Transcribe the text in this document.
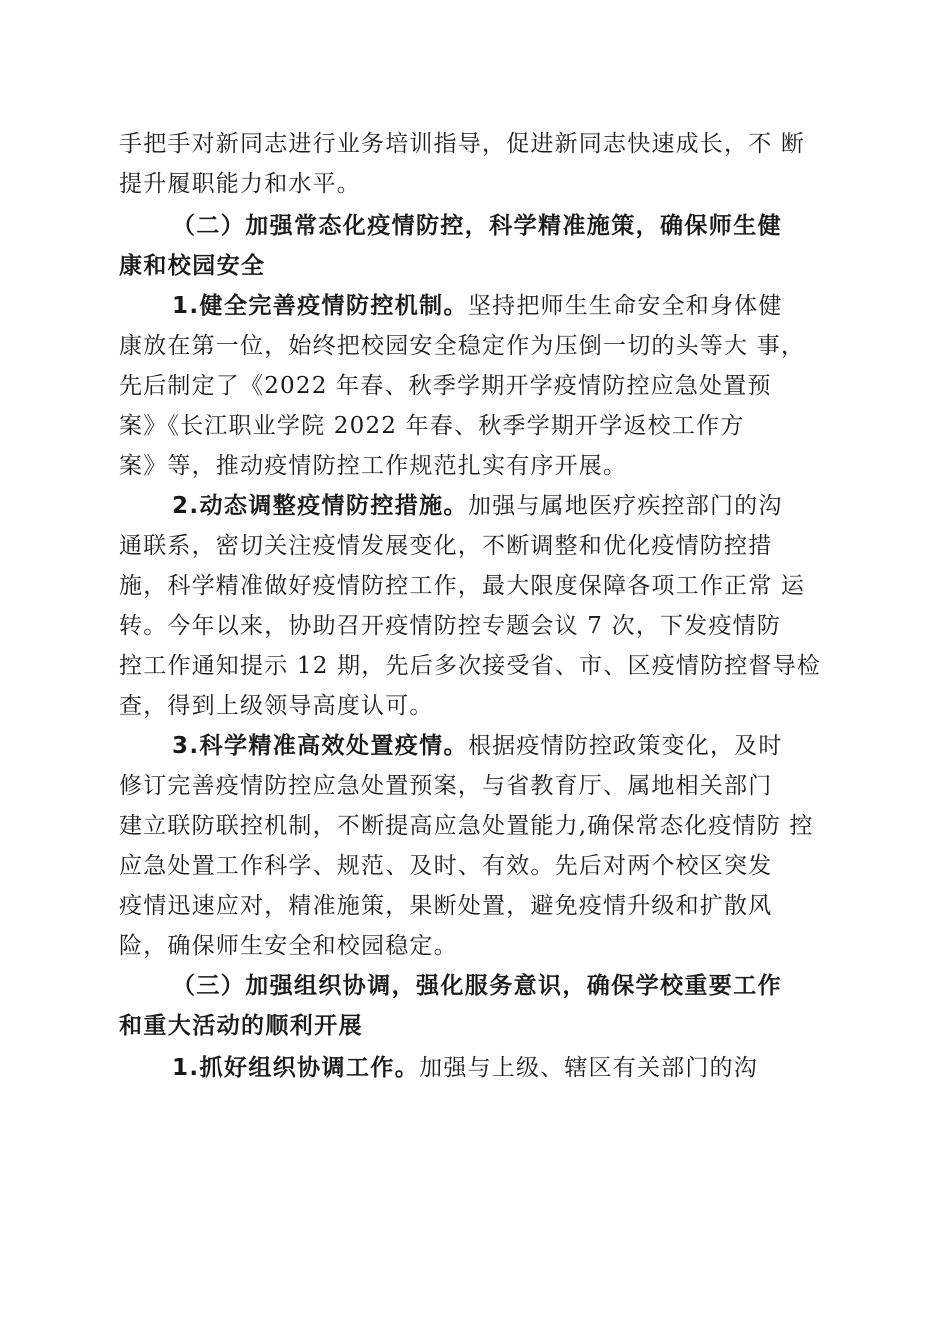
手把手对新同志进行业务培训指导，促进新同志快速成长，不 断
提升履职能力和水平。
（二）加强常态化疫情防控，科学精准施策，确保师生健
康和校园安全
1.健全完善疫情防控机制。坚持把师生生命安全和身体健
康放在第一位，始终把校园安全稳定作为压倒一切的头等大 事，
先后制定了《2022 年春、秋季学期开学疫情防控应急处置预
案》《长江职业学院 2022 年春、秋季学期开学返校工作方
案》等，推动疫情防控工作规范扎实有序开展。
2.动态调整疫情防控措施。加强与属地医疗疾控部门的沟
通联系，密切关注疫情发展变化，不断调整和优化疫情防控措
施，科学精准做好疫情防控工作，最大限度保障各项工作正常 运
转。今年以来，协助召开疫情防控专题会议 7 次，下发疫情防
控工作通知提示 12 期，先后多次接受省、市、区疫情防控督导检
查，得到上级领导高度认可。
3.科学精准高效处置疫情。根据疫情防控政策变化，及时
修订完善疫情防控应急处置预案，与省教育厅、属地相关部门
建立联防联控机制，不断提高应急处置能力,确保常态化疫情防 控
应急处置工作科学、规范、及时、有效。先后对两个校区突发
疫情迅速应对，精准施策，果断处置，避免疫情升级和扩散风
险，确保师生安全和校园稳定。
（三）加强组织协调，强化服务意识，确保学校重要工作
和重大活动的顺利开展
1.抓好组织协调工作。加强与上级、辖区有关部门的沟
